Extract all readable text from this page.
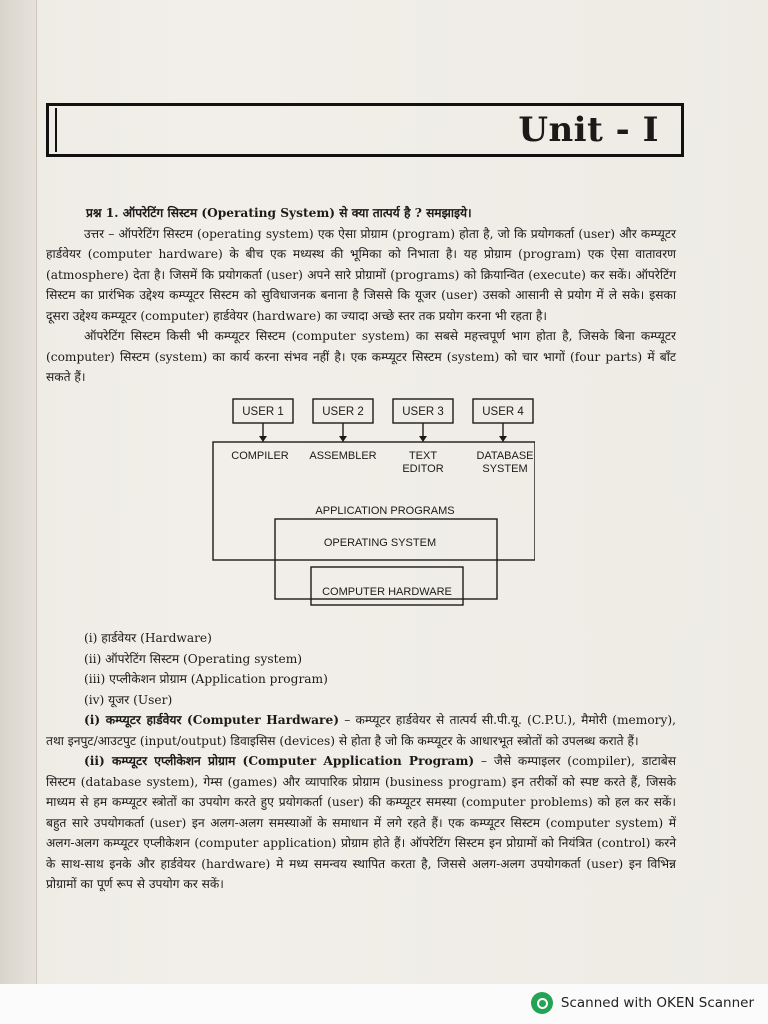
Unit - I

प्रश्न 1. ऑपरेटिंग सिस्टम (Operating System) से क्या तात्पर्य है ? समझाइये।

उत्तर – ऑपरेटिंग सिस्टम (operating system) एक ऐसा प्रोग्राम (program) होता है, जो कि प्रयोगकर्ता (user) और कम्प्यूटर हार्डवेयर (computer hardware) के बीच एक मध्यस्थ की भूमिका को निभाता है। यह प्रोग्राम (program) एक ऐसा वातावरण (atmosphere) देता है। जिसमें कि प्रयोगकर्ता (user) अपने सारे प्रोग्रामों (programs) को क्रियान्वित (execute) कर सकें। ऑपरेटिंग सिस्टम का प्रारंभिक उद्देश्य कम्प्यूटर सिस्टम को सुविधाजनक बनाना है जिससे कि यूजर (user) उसको आसानी से प्रयोग में ले सके। इसका दूसरा उद्देश्य कम्प्यूटर (computer) हार्डवेयर (hardware) का ज्यादा अच्छे स्तर तक प्रयोग करना भी रहता है।

ऑपरेटिंग सिस्टम किसी भी कम्प्यूटर सिस्टम (computer system) का सबसे महत्त्वपूर्ण भाग होता है, जिसके बिना कम्प्यूटर (computer) सिस्टम (system) का कार्य करना संभव नहीं है। एक कम्प्यूटर सिस्टम (system) को चार भागों (four parts) में बाँट सकते हैं।

USER 1	USER 2	USER 3	USER 4
COMPILER ASSEMBLER	TEXT EDITOR
DATABASE SYSTEM
APPLICATION PROGRAMS
OPERATING SYSTEM
COMPUTER HARDWARE
(i) हार्डवेयर (Hardware)
(ii) ऑपरेटिंग सिस्टम (Operating system)
(iii) एप्लीकेशन प्रोग्राम (Application program)
(iv) यूजर (User)

(i) कम्प्यूटर हार्डवेयर (Computer Hardware) – कम्प्यूटर हार्डवेयर से तात्पर्य सी.पी.यू. (C.P.U.), मैमोरी (memory), तथा इनपुट/आउटपुट (input/output) डिवाइसिस (devices) से होता है जो कि कम्प्यूटर के आधारभूत स्त्रोतों को उपलब्ध कराते हैं।

(ii) कम्प्यूटर एप्लीकेशन प्रोग्राम (Computer Application Program) – जैसे कम्पाइलर (compiler), डाटाबेस सिस्टम (database system), गेम्स (games) और व्यापारिक प्रोग्राम (business program) इन तरीकों को स्पष्ट करते हैं, जिसके माध्यम से हम कम्प्यूटर स्त्रोतों का उपयोग करते हुए प्रयोगकर्ता (user) की कम्प्यूटर समस्या (computer problems) को हल कर सकें। बहुत सारे उपयोगकर्ता (user) इन अलग-अलग समस्याओं के समाधान में लगे रहते हैं। एक कम्प्यूटर सिस्टम (computer system) में अलग-अलग कम्प्यूटर एप्लीकेशन (computer application) प्रोग्राम होते हैं। ऑपरेटिंग सिस्टम इन प्रोग्रामों को नियंत्रित (control) करने के साथ-साथ इनके और हार्डवेयर (hardware) मे मध्य समन्वय स्थापित करता है, जिससे अलग-अलग उपयोगकर्ता (user) इन विभिन्न प्रोग्रामों का पूर्ण रूप से उपयोग कर सकें।

Scanned with OKEN Scanner
